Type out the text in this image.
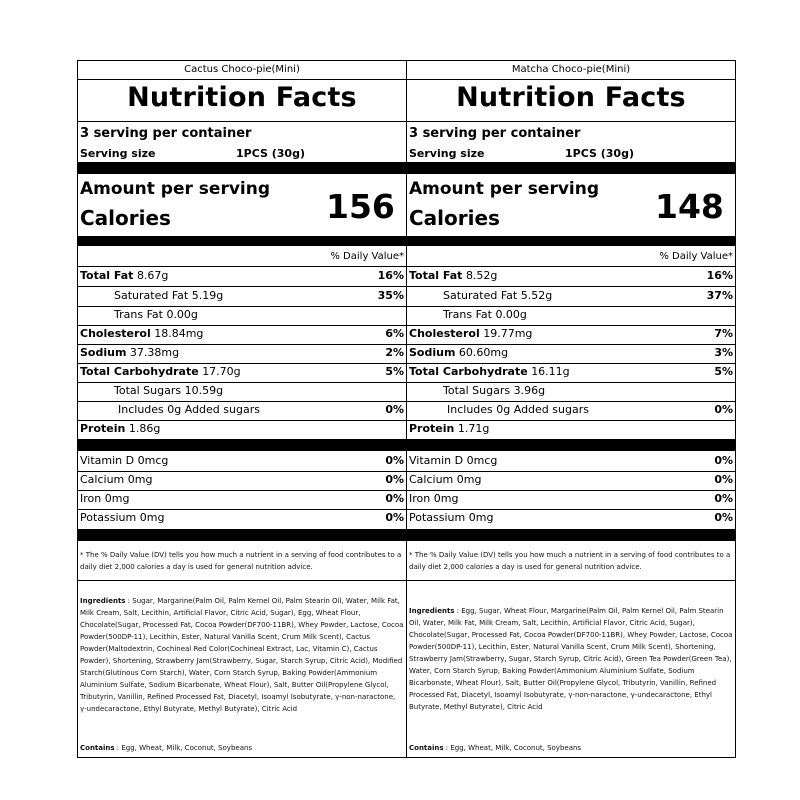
Cactus Choco-pie(Mini)
Nutrition Facts
3 serving per container
Serving size	1PCS (30g)
Amount per serving
Calories	156
% Daily Value*
Total Fat 8.67g	16%
Saturated Fat 5.19g	35%
Trans Fat 0.00g
Cholesterol 18.84mg	6%
Sodium 37.38mg	2%
Total Carbohydrate 17.70g	5%
Total Sugars 10.59g
Includes 0g Added sugars	0%
Protein 1.86g
Vitamin D 0mcg	0%
Calcium 0mg	0%
Iron 0mg	0%
Potassium 0mg	0%
* The % Daily Value (DV) tells you how much a nutrient in a serving of food contributes to a daily diet 2,000 calories a day is used for general nutrition advice.
Ingredients : Sugar, Margarine(Palm Oil, Palm Kernel Oil, Palm Stearin Oil, Water, Milk Fat, Milk Cream, Salt, Lecithin, Artificial Flavor, Citric Acid, Sugar), Egg, Wheat Flour, Chocolate(Sugar, Processed Fat, Cocoa Powder(DF700-11BR), Whey Powder, Lactose, Cocoa Powder(500DP-11), Lecithin, Ester, Natural Vanilla Scent, Crum Milk Scent), Cactus Powder(Maltodextrin, Cochineal Red Color(Cochineal Extract, Lac, Vitamin C), Cactus Powder), Shortening, Strawberry Jam(Strawberry, Sugar, Starch Syrup, Citric Acid), Modified Starch(Glutinous Corn Starch), Water, Corn Starch Syrup, Baking Powder(Ammonium Aluminium Sulfate, Sodium Bicarbonate, Wheat Flour), Salt, Butter Oil(Propylene Glycol, Tributyrin, Vanillin, Refined Processed Fat, Diacetyl, Isoamyl Isobutyrate, γ-non-naractone, γ-undecaractone, Ethyl Butyrate, Methyl Butyrate), Citric Acid
Contains : Egg, Wheat, Milk, Coconut, Soybeans
Matcha Choco-pie(Mini)
Nutrition Facts
3 serving per container
Serving size	1PCS (30g)
Amount per serving
Calories	148
% Daily Value*
Total Fat 8.52g	16%
Saturated Fat 5.52g	37%
Trans Fat 0.00g
Cholesterol 19.77mg	7%
Sodium 60.60mg	3%
Total Carbohydrate 16.11g	5%
Total Sugars 3.96g
Includes 0g Added sugars	0%
Protein 1.71g
Vitamin D 0mcg	0%
Calcium 0mg	0%
Iron 0mg	0%
Potassium 0mg	0%
* The % Daily Value (DV) tells you how much a nutrient in a serving of food contributes to a daily diet 2,000 calories a day is used for general nutrition advice.
Ingredients : Egg, Sugar, Wheat Flour, Margarine(Palm Oil, Palm Kernel Oil, Palm Stearin Oil, Water, Milk Fat, Milk Cream, Salt, Lecithin, Artificial Flavor, Citric Acid, Sugar), Chocolate(Sugar, Processed Fat, Cocoa Powder(DF700-11BR), Whey Powder, Lactose, Cocoa Powder(500DP-11), Lecithin, Ester, Natural Vanilla Scent, Crum Milk Scent), Shortening, Strawberry Jam(Strawberry, Sugar, Starch Syrup, Citric Acid), Green Tea Powder(Green Tea), Water, Corn Starch Syrup, Baking Powder(Ammonium Aluminium Sulfate, Sodium Bicarbonate, Wheat Flour), Salt, Butter Oil(Propylene Glycol, Tributyrin, Vanillin, Refined Processed Fat, Diacetyl, Isoamyl Isobutyrate, γ-non-naractone, γ-undecaractone, Ethyl Butyrate, Methyl Butyrate), Citric Acid
Contains : Egg, Wheat, Milk, Coconut, Soybeans
